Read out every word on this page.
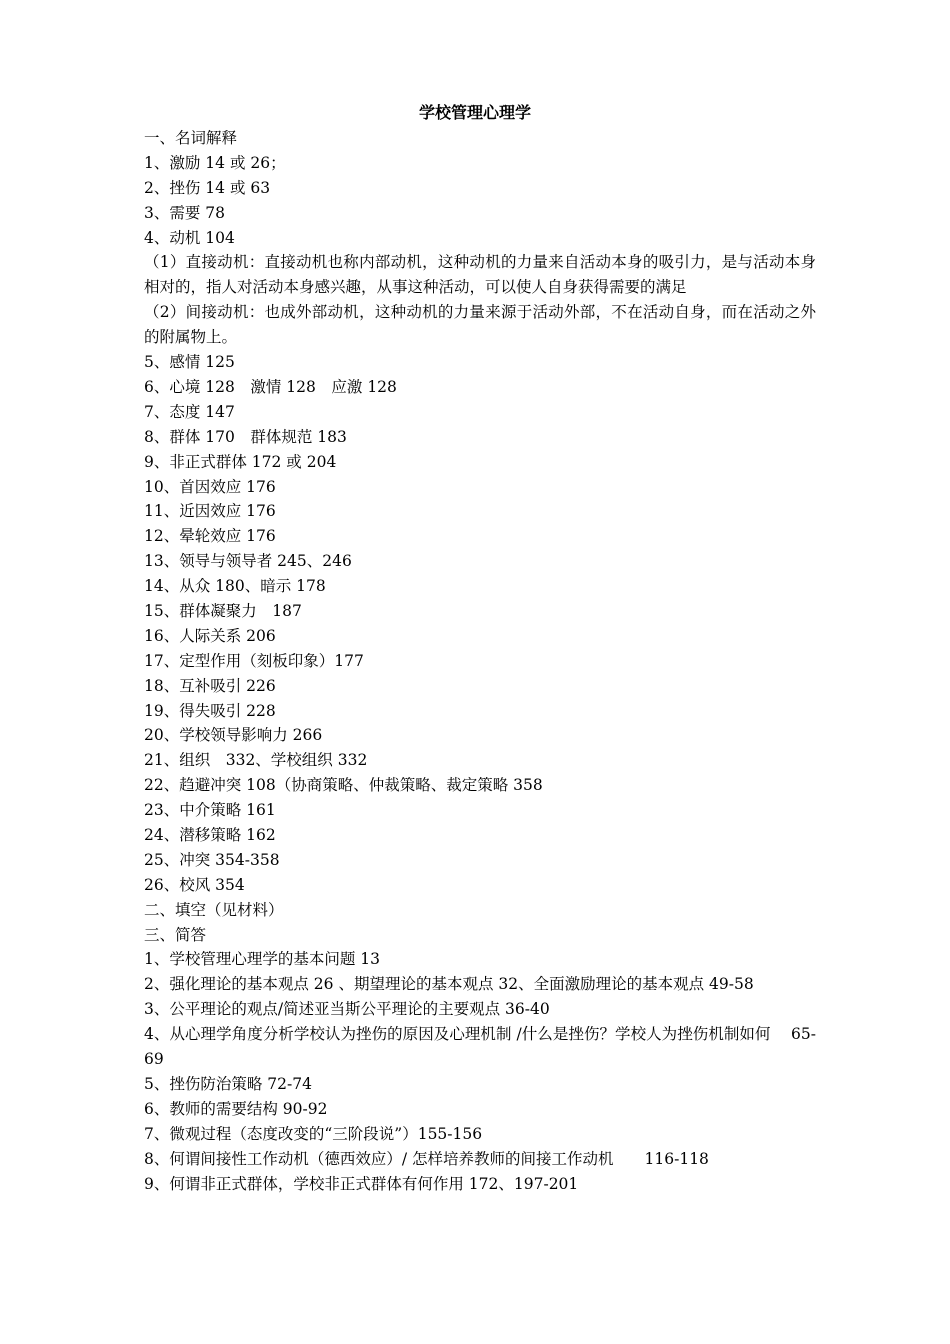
学校管理心理学
一、名词解释
1、激励 14 或 26；
2、挫伤 14 或 63
3、需要 78
4、动机 104
（1）直接动机：直接动机也称内部动机，这种动机的力量来自活动本身的吸引力，是与活动本身相对的，指人对活动本身感兴趣，从事这种活动，可以使人自身获得需要的满足
（2）间接动机：也成外部动机，这种动机的力量来源于活动外部，不在活动自身，而在活动之外的附属物上。
5、感情 125
6、心境 128　激情 128　应激 128
7、态度 147
8、群体 170　群体规范 183
9、非正式群体 172 或 204
10、首因效应 176
11、近因效应 176
12、晕轮效应 176
13、领导与领导者 245、246
14、从众 180、暗示 178
15、群体凝聚力　187
16、人际关系 206
17、定型作用（刻板印象）177
18、互补吸引 226
19、得失吸引 228
20、学校领导影响力 266
21、组织　332、学校组织 332
22、趋避冲突 108（协商策略、仲裁策略、裁定策略 358
23、中介策略 161
24、潜移策略 162
25、冲突 354-358
26、校风 354
二、填空（见材料）
三、简答
1、学校管理心理学的基本问题 13
2、强化理论的基本观点 26 、期望理论的基本观点 32、全面激励理论的基本观点 49-58
3、公平理论的观点/简述亚当斯公平理论的主要观点 36-40
4、从心理学角度分析学校认为挫伤的原因及心理机制 /什么是挫伤？学校人为挫伤机制如何　 65-69
5、挫伤防治策略 72-74
6、教师的需要结构 90-92
7、微观过程（态度改变的“三阶段说”）155-156
8、何谓间接性工作动机（德西效应）/ 怎样培养教师的间接工作动机　　116-118
9、何谓非正式群体，学校非正式群体有何作用 172、197-201
